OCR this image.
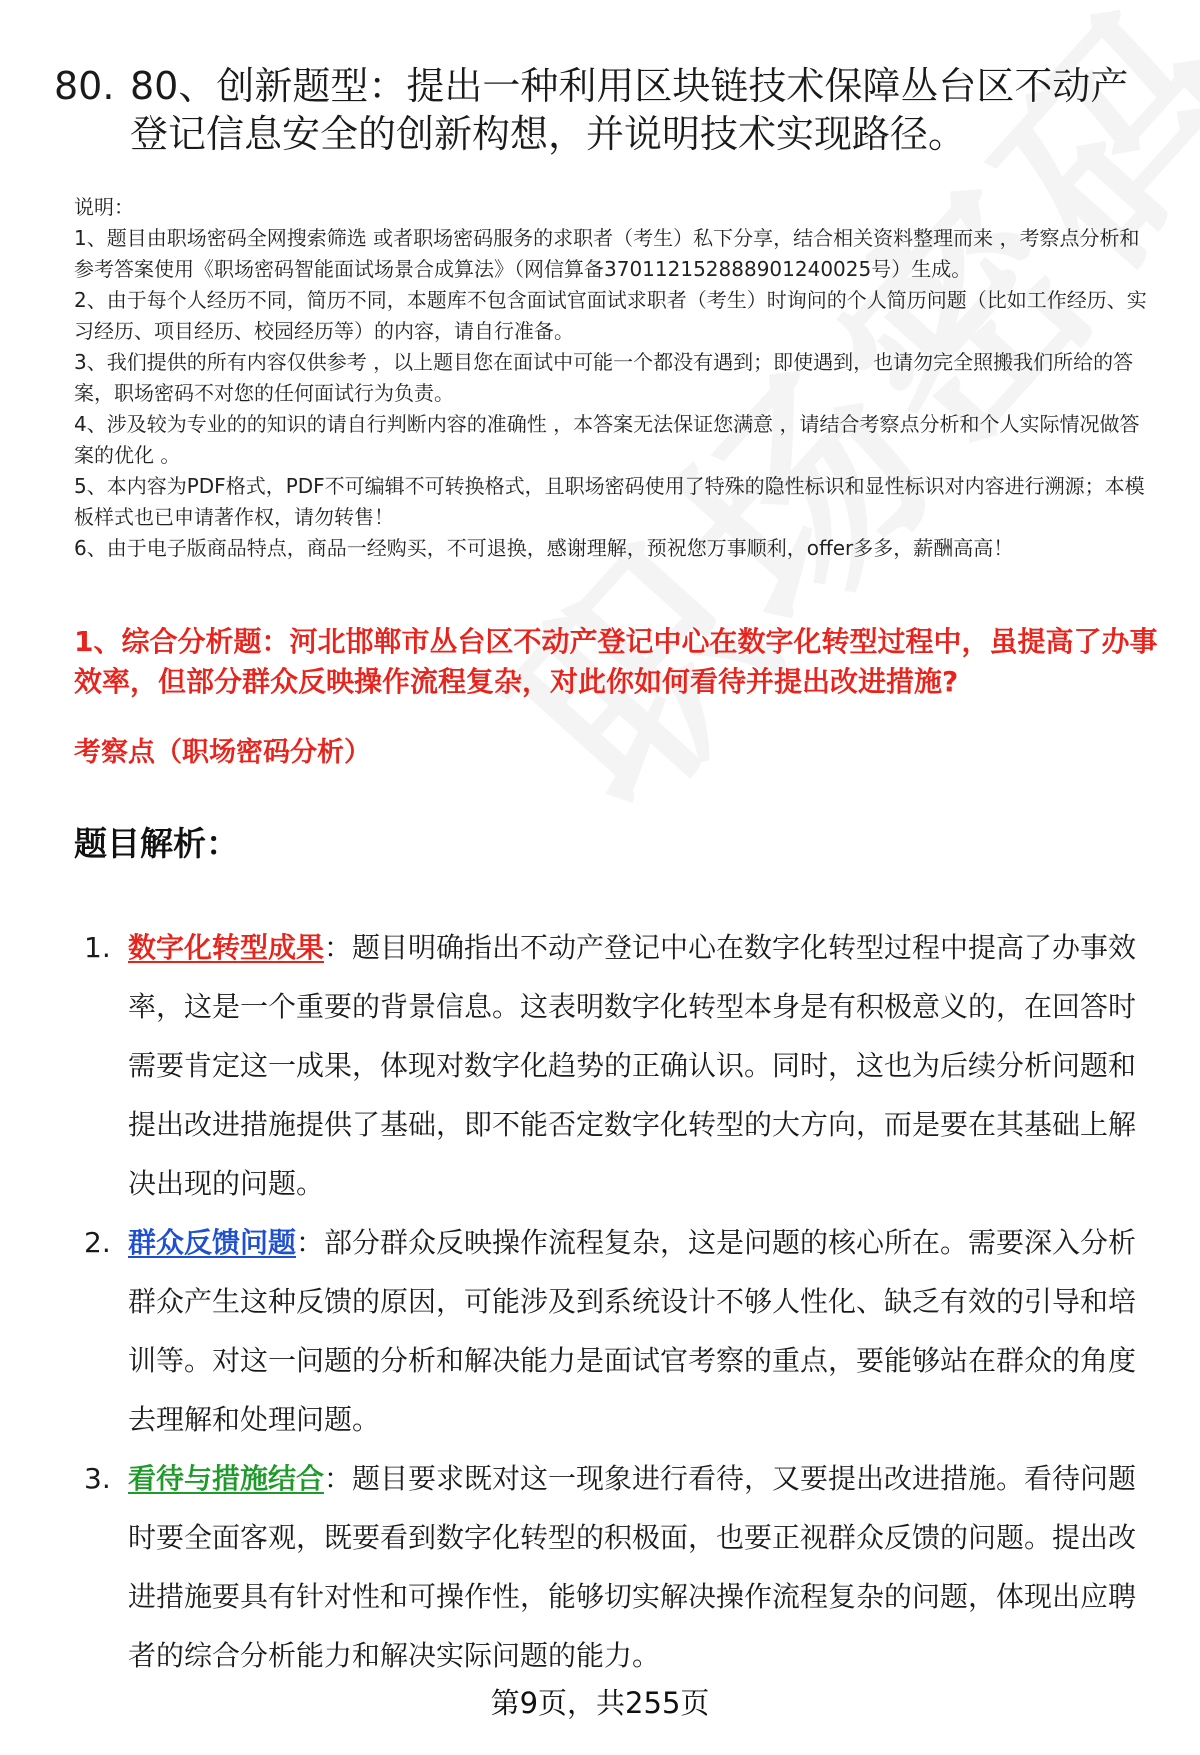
80. 80、创新题型：提出一种利用区块链技术保障丛台区不动产登记信息安全的创新构想，并说明技术实现路径。

说明：

1、题目由职场密码全网搜索筛选 或者职场密码服务的求职者（考生）私下分享，结合相关资料整理而来 ，考察点分析和参考答案使用《职场密码智能面试场景合成算法》（网信算备370112152888901240025号）生成。

2、由于每个人经历不同，简历不同，本题库不包含面试官面试求职者（考生）时询问的个人简历问题（比如工作经历、实习经历、项目经历、校园经历等）的内容，请自行准备。

3、我们提供的所有内容仅供参考 ，以上题目您在面试中可能一个都没有遇到；即使遇到，也请勿完全照搬我们所给的答案，职场密码不对您的任何面试行为负责。

4、涉及较为专业的的知识的请自行判断内容的准确性 ，本答案无法保证您满意 ，请结合考察点分析和个人实际情况做答案的优化 。

5、本内容为PDF格式，PDF不可编辑不可转换格式，且职场密码使用了特殊的隐性标识和显性标识对内容进行溯源；本模板样式也已申请著作权，请勿转售！

6、由于电子版商品特点，商品一经购买，不可退换，感谢理解，预祝您万事顺利，offer多多，薪酬高高！

1、综合分析题：河北邯郸市丛台区不动产登记中心在数字化转型过程中，虽提高了办事效率，但部分群众反映操作流程复杂，对此你如何看待并提出改进措施?
考察点（职场密码分析）
题目解析：
1. 数字化转型成果：题目明确指出不动产登记中心在数字化转型过程中提高了办事效率，这是一个重要的背景信息。这表明数字化转型本身是有积极意义的，在回答时需要肯定这一成果，体现对数字化趋势的正确认识。同时，这也为后续分析问题和提出改进措施提供了基础，即不能否定数字化转型的大方向，而是要在其基础上解决出现的问题。
2. 群众反馈问题：部分群众反映操作流程复杂，这是问题的核心所在。需要深入分析群众产生这种反馈的原因，可能涉及到系统设计不够人性化、缺乏有效的引导和培训等。对这一问题的分析和解决能力是面试官考察的重点，要能够站在群众的角度去理解和处理问题。
3. 看待与措施结合：题目要求既对这一现象进行看待，又要提出改进措施。看待问题时要全面客观，既要看到数字化转型的积极面，也要正视群众反馈的问题。提出改进措施要具有针对性和可操作性，能够切实解决操作流程复杂的问题，体现出应聘者的综合分析能力和解决实际问题的能力。
第9页，共255页
